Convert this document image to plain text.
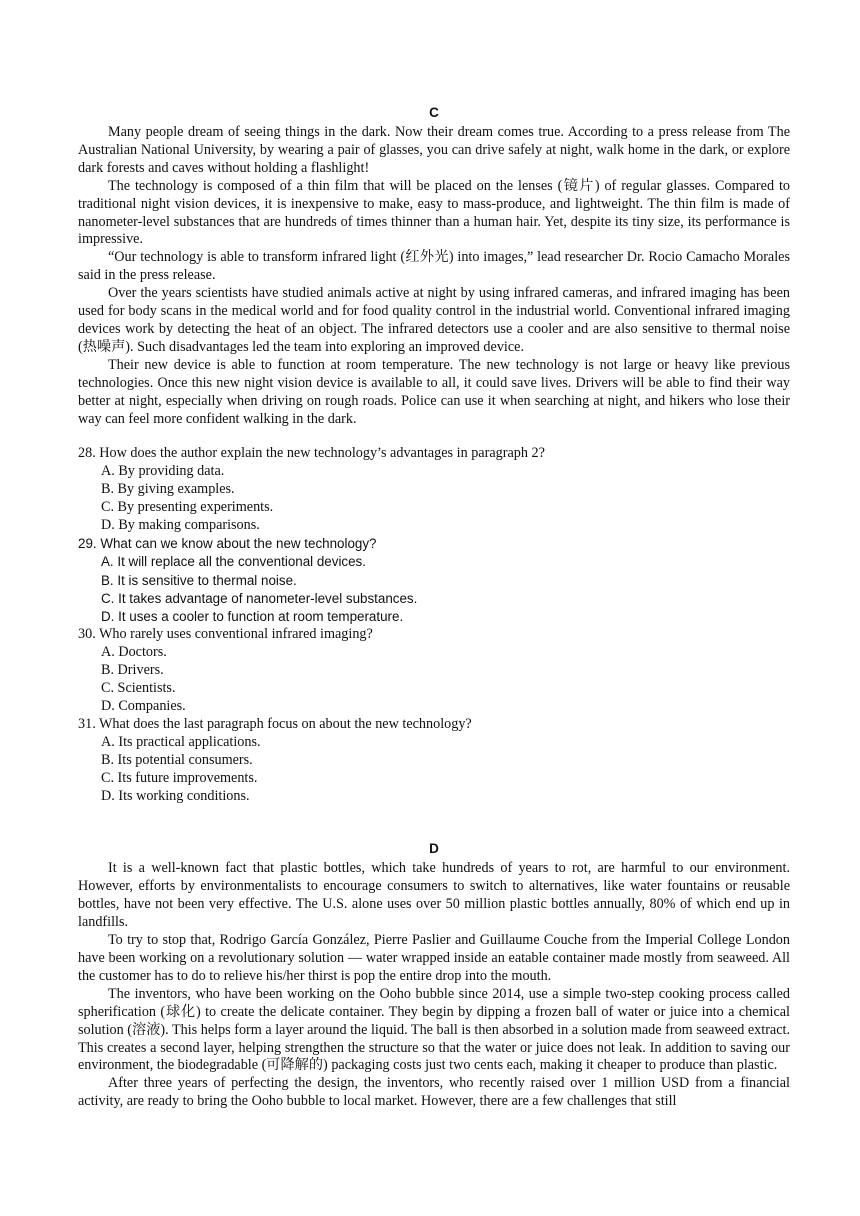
C

Many people dream of seeing things in the dark. Now their dream comes true. According to a press release from The Australian National University, by wearing a pair of glasses, you can drive safely at night, walk home in the dark, or explore dark forests and caves without holding a flashlight!

The technology is composed of a thin film that will be placed on the lenses (镜片) of regular glasses. Compared to traditional night vision devices, it is inexpensive to make, easy to mass-produce, and lightweight. The thin film is made of nanometer-level substances that are hundreds of times thinner than a human hair. Yet, despite its tiny size, its performance is impressive.

“Our technology is able to transform infrared light (红外光) into images,” lead researcher Dr. Rocio Camacho Morales said in the press release.

Over the years scientists have studied animals active at night by using infrared cameras, and infrared imaging has been used for body scans in the medical world and for food quality control in the industrial world. Conventional infrared imaging devices work by detecting the heat of an object. The infrared detectors use a cooler and are also sensitive to thermal noise (热噪声). Such disadvantages led the team into exploring an improved device.

Their new device is able to function at room temperature. The new technology is not large or heavy like previous technologies. Once this new night vision device is available to all, it could save lives. Drivers will be able to find their way better at night, especially when driving on rough roads. Police can use it when searching at night, and hikers who lose their way can feel more confident walking in the dark.

28. How does the author explain the new technology’s advantages in paragraph 2?

A. By providing data.

B. By giving examples.

C. By presenting experiments.

D. By making comparisons.

29. What can we know about the new technology?

A. It will replace all the conventional devices.

B. It is sensitive to thermal noise.

C. It takes advantage of nanometer-level substances.

D. It uses a cooler to function at room temperature.

30. Who rarely uses conventional infrared imaging?

A. Doctors.

B. Drivers.

C. Scientists.

D. Companies.

31. What does the last paragraph focus on about the new technology?

A. Its practical applications.

B. Its potential consumers.

C. Its future improvements.

D. Its working conditions.

D

It is a well-known fact that plastic bottles, which take hundreds of years to rot, are harmful to our environment. However, efforts by environmentalists to encourage consumers to switch to alternatives, like water fountains or reusable bottles, have not been very effective. The U.S. alone uses over 50 million plastic bottles annually, 80% of which end up in landfills.

To try to stop that, Rodrigo García González, Pierre Paslier and Guillaume Couche from the Imperial College London have been working on a revolutionary solution — water wrapped inside an eatable container made mostly from seaweed. All the customer has to do to relieve his/her thirst is pop the entire drop into the mouth.

The inventors, who have been working on the Ooho bubble since 2014, use a simple two-step cooking process called spherification (球化) to create the delicate container. They begin by dipping a frozen ball of water or juice into a chemical solution (溶液). This helps form a layer around the liquid. The ball is then absorbed in a solution made from seaweed extract. This creates a second layer, helping strengthen the structure so that the water or juice does not leak. In addition to saving our environment, the biodegradable (可降解的) packaging costs just two cents each, making it cheaper to produce than plastic.

After three years of perfecting the design, the inventors, who recently raised over 1 million USD from a financial activity, are ready to bring the Ooho bubble to local market. However, there are a few challenges that still
